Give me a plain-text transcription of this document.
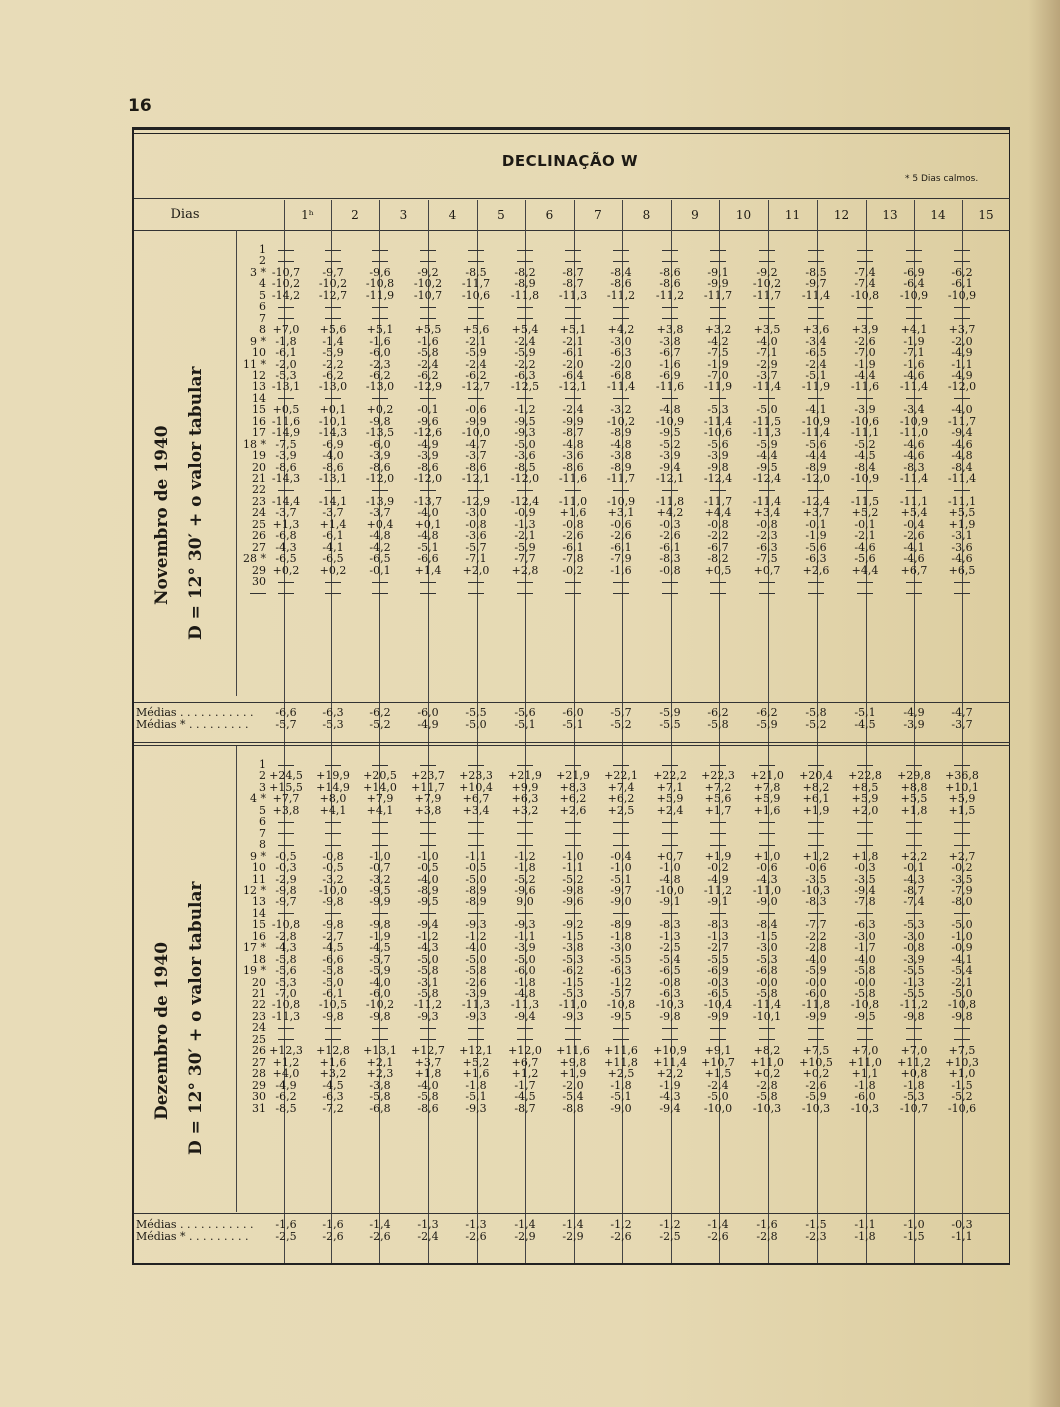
16
DECLINAÇÃO W
* 5 Dias calmos.
Dias	1ʰ	2	3	4	5	6	7	8	9	10	11	12	13	14	15
1
2
3 * -10,7	-9,7	-9,6	-9,2	-8,5	-8,2	-8,7	-8,4	-8,6	-9,1	-9,2	-8,5	-7,4	-6,9	-6,2
4 -10,2	-10,2	-10,8	-10,2	-11,7	-8,9	-8,7	-8,6	-8,6	-9,9	-10,2	-9,7	-7,4	-6,4	-6,1
5 -14,2	-12,7	-11,9	-10,7	-10,6	-11,8	-11,3	-11,2	-11,2	-11,7	-11,7	-11,4	-10,8	-10,9	-10,9
6
7
8 +7,0	+5,6	+5,1	+5,5	+5,6	+5,4	+5,1	+4,2	+3,8	+3,2	+3,5	+3,6	+3,9	+4,1	+3,7
9 * -1,8	-1,4	-1,6	-1,6	-2,1	-2,4	-2,1	-3,0	-3,8	-4,2	-4,0	-3,4	-2,6	-1,9	-2,0
10 -6,1	-5,9	-6,0	-5,8	-5,9	-5,9	-6,1	-6,3	-6,7	-7,5	-7,1	-6,5	-7,0	-7,1	-4,9
11 * -2,0	-2,2	-2,3	-2,4	-2,4	-2,2	-2,0	-2,0	-1,6	-1,9	-2,9	-2,4	-1,9	-1,6	-1,1
12 -5,3	-6,2	-6,2	-6,2	-6,2	-6,3	-6,4	-6,8	-6,9	-7,0	-3,7	-5,1	-4,4	-4,6	-4,9
13 -13,1	-13,0	-13,0	-12,9	-12,7	-12,5	-12,1	-11,4	-11,6	-11,9	-11,4	-11,9	-11,6	-11,4	-12,0
14
15 +0,5	+0,1	+0,2	-0,1	-0,6	-1,2	-2,4	-3,2	-4,8	-5,3	-5,0	-4,1	-3,9	-3,4	-4,0
16 -11,6	-10,1	-9,8	-9,6	-9,9	-9,5	-9,9	-10,2	-10,9	-11,4	-11,5	-10,9	-10,6	-10,9	-11,7
17 -14,9	-14,3	-13,5	-12,6	-10,0	-9,3	-8,7	-8,9	-9,5	-10,6	-11,3	-11,4	-11,1	-11,0	-9,4
18 * -7,5	-6,9	-6,0	-4,9	-4,7	-5,0	-4,8	-4,8	-5,2	-5,6	-5,9	-5,6	-5,2	-4,6	-4,6
19 -3,9	-4,0	-3,9	-3,9	-3,7	-3,6	-3,6	-3,8	-3,9	-3,9	-4,4	-4,4	-4,5	-4,6	-4,8
20 -8,6	-8,6	-8,6	-8,6	-8,6	-8,5	-8,6	-8,9	-9,4	-9,8	-9,5	-8,9	-8,4	-8,3	-8,4
21 -14,3	-13,1	-12,0	-12,0	-12,1	-12,0	-11,6	-11,7	-12,1	-12,4	-12,4	-12,0	-10,9	-11,4	-11,4
22
23 -14,4	-14,1	-13,9	-13,7	-12,9	-12,4	-11,0	-10,9	-11,8	-11,7	-11,4	-12,4	-11,5	-11,1	-11,1
24 -3,7	-3,7	-3,7	-4,0	-3,0	-0,9	+1,6	+3,1	+4,2	+4,4	+3,4	+3,7	+5,2	+5,4	+5,5
25 +1,3	+1,4	+0,4	+0,1	-0,8	-1,3	-0,8	-0,6	-0,3	-0,8	-0,8	-0,1	-0,1	-0,4	+1,9
26 -6,8	-6,1	-4,8	-4,8	-3,6	-2,1	-2,6	-2,6	-2,6	-2,2	-2,3	-1,9	-2,1	-2,6	-3,1
27 -4,3	-4,1	-4,2	-5,1	-5,7	-5,9	-6,1	-6,1	-6,1	-6,7	-6,3	-5,6	-4,6	-4,1	-3,6
28 * -6,5	-6,5	-6,5	-6,6	-7,1	-7,7	-7,8	-7,9	-8,3	-8,2	-7,5	-6,3	-5,6	-4,6	-4,6
29 +0,2	+0,2	-0,1	+1,4	+2,0	+2,8	-0,2	-1,6	-0,8	+0,5	+0,7	+2,6	+4,4	+6,7	+6,5
30
Novembro de 1940 D = 12° 30′ + o valor tabular
Médias . . . . . . . . . . .
Médias * . . . . . . . . .
-6,6	-6,3	-6,2	-6,0	-5,5	-5,6	-6,0	-5,7	-5,9	-6,2	-6,2	-5,8	-5,1	-4,9	-4,7
-5,7	-5,3	-5,2	-4,9	-5,0	-5,1	-5,1	-5,2	-5,5	-5,8	-5,9	-5,2	-4,5	-3,9	-3,7
1
2 +24,5	+19,9	+20,5	+23,7	+23,3	+21,9	+21,9	+22,1	+22,2	+22,3	+21,0	+20,4	+22,8	+29,8	+36,8
3 +15,5	+14,9	+14,0	+11,7	+10,4	+9,9	+8,3	+7,4	+7,1	+7,2	+7,8	+8,2	+8,5	+8,8	+10,1
4 * +7,7	+8,0	+7,9	+7,9	+6,7	+6,3	+6,2	+6,2	+5,9	+5,6	+5,9	+6,1	+5,9	+5,5	+5,9
5 +3,8	+4,1	+4,1	+3,8	+3,4	+3,2	+2,6	+2,5	+2,4	+1,7	+1,6	+1,9	+2,0	+1,8	+1,5
6
7
8
9 * -0,5	-0,8	-1,0	-1,0	-1,1	-1,2	-1,0	-0,4	+0,7	+1,9	+1,0	+1,2	+1,8	+2,2	+2,7
10 -0,3	-0,5	-0,7	-0,5	-0,5	-1,8	-1,1	-1,0	-1,0	-0,2	-0,6	-0,6	-0,3	-0,1	-0,2
11 -2,9	-3,2	-3,2	-4,0	-5,0	-5,2	-5,2	-5,1	-4,8	-4,9	-4,3	-3,5	-3,5	-4,3	-3,5
12 * -9,8	-10,0	-9,5	-8,9	-8,9	-9,6	-9,8	-9,7	-10,0	-11,2	-11,0	-10,3	-9,4	-8,7	-7,9
13 -9,7	-9,8	-9,9	-9,5	-8,9	9,0	-9,6	-9,0	-9,1	-9,1	-9,0	-8,3	-7,8	-7,4	-8,0
14
15 -10,8	-9,8	-9,8	-9,4	-9,3	-9,3	-9,2	-8,9	-8,3	-8,3	-8,4	-7,7	-6,3	-5,3	-5,0
16 -2,8	-2,7	-1,9	-1,2	-1,2	-1,1	-1,5	-1,8	-1,3	-1,3	-1,5	-2,2	-3,0	-3,0	-1,0
17 * -4,3	-4,5	-4,5	-4,3	-4,0	-3,9	-3,8	-3,0	-2,5	-2,7	-3,0	-2,8	-1,7	-0,8	-0,9
18 -5,8	-6,6	-5,7	-5,0	-5,0	-5,0	-5,3	-5,5	-5,4	-5,5	-5,3	-4,0	-4,0	-3,9	-4,1
19 * -5,6	-5,8	-5,9	-5,8	-5,8	-6,0	-6,2	-6,3	-6,5	-6,9	-6,8	-5,9	-5,8	-5,5	-5,4
20 -5,3	-5,0	-4,0	-3,1	-2,6	-1,8	-1,5	-1,2	-0,8	-0,3	-0,0	-0,0	-0,0	-1,3	-2,1
21 -7,0	-6,1	-6,0	-5,8	-3,9	-4,8	-5,3	-5,7	-6,3	-6,5	-5,8	-6,0	-5,8	-5,5	-5,0
22 -10,8	-10,5	-10,2	-11,2	-11,3	-11,3	-11,0	-10,8	-10,3	-10,4	-11,4	-11,8	-10,8	-11,2	-10,8
23 -11,3	-9,8	-9,8	-9,3	-9,3	-9,4	-9,3	-9,5	-9,8	-9,9	-10,1	-9,9	-9,5	-9,8	-9,8
24
25
26 +12,3	+12,8	+13,1	+12,7	+12,1	+12,0	+11,6	+11,6	+10,9	+9,1	+8,2	+7,5	+7,0	+7,0	+7,5
27 +1,2	+1,6	+2,1	+3,7	+5,2	+6,7	+9,8	+11,8	+11,4	+10,7	+11,0	+10,5	+11,0	+11,2	+10,3
28 +4,0	+3,2	+2,3	+1,8	+1,6	+1,2	+1,9	+2,5	+2,2	+1,5	+0,2	+0,2	+1,1	+0,8	+1,0
29 -4,9	-4,5	-3,8	-4,0	-1,8	-1,7	-2,0	-1,8	-1,9	-2,4	-2,8	-2,6	-1,8	-1,8	-1,5
30 -6,2	-6,3	-5,8	-5,8	-5,1	-4,5	-5,4	-5,1	-4,3	-5,0	-5,8	-5,9	-6,0	-5,3	-5,2
31 -8,5	-7,2	-6,8	-8,6	-9,3	-8,7	-8,8	-9,0	-9,4	-10,0	-10,3	-10,3	-10,3	-10,7	-10,6
Dezembro de 1940 D = 12° 30′ + o valor tabular
Médias . . . . . . . . . . .
Médias * . . . . . . . . .
-1,6	-1,6	-1,4	-1,3	-1,3	-1,4	-1,4	-1,2	-1,2	-1,4	-1,6	-1,5	-1,1	-1,0	-0,3
-2,5	-2,6	-2,6	-2,4	-2,6	-2,9	-2,9	-2,6	-2,5	-2,6	-2,8	-2,3	-1,8	-1,5	-1,1
